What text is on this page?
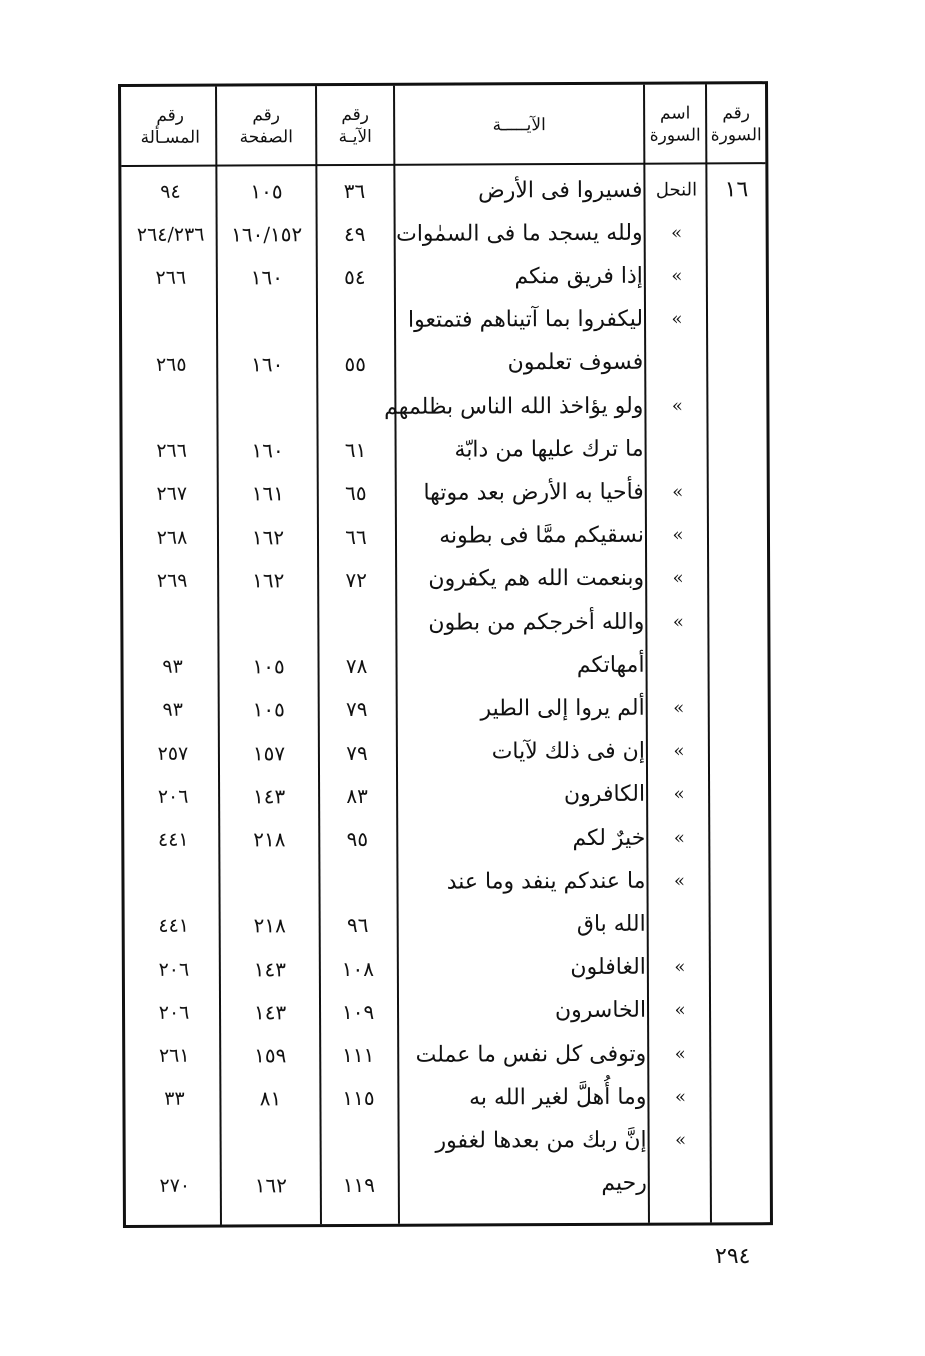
رقم
السورة
اسم
السورة
الآيـــــة
رقم
الآيـة
رقم
الصفحة
رقم
المسـألة
١٦
النحل
فسيروا فى الأرض
٣٦
١٠٥
٩٤
»
ولله يسجد ما فى السمٰوات
٤٩
١٦٠/١٥٢
٢٦٤/٢٣٦
»
إذا فريق منكم
٥٤
١٦٠
٢٦٦
»
ليكفروا بما آتيناهم فتمتعوا
فسوف تعلمون
٥٥
١٦٠
٢٦٥
»
ولو يؤاخذ الله الناس بظلمهم
ما ترك عليها من دابّة
٦١
١٦٠
٢٦٦
»
فأحيا به الأرض بعد موتها
٦٥
١٦١
٢٦٧
»
نسقيكم ممَّا فى بطونه
٦٦
١٦٢
٢٦٨
»
وبنعمت الله هم يكفرون
٧٢
١٦٢
٢٦٩
»
والله أخرجكم من بطون
أمهاتكم
٧٨
١٠٥
٩٣
»
ألم يروا إلى الطير
٧٩
١٠٥
٩٣
»
إن فى ذلك لآيات
٧٩
١٥٧
٢٥٧
»
الكافرون
٨٣
١٤٣
٢٠٦
»
خيرٌ لكم
٩٥
٢١٨
٤٤١
»
ما عندكم ينفد وما عند
الله باق
٩٦
٢١٨
٤٤١
»
الغافلون
١٠٨
١٤٣
٢٠٦
»
الخاسرون
١٠٩
١٤٣
٢٠٦
»
وتوفى كل نفس ما عملت
١١١
١٥٩
٢٦١
»
وما أُهلَّ لغير الله به
١١٥
٨١
٣٣
»
إنَّ ربك من بعدها لغفور
رحيم
١١٩
١٦٢
٢٧٠
٢٩٤
